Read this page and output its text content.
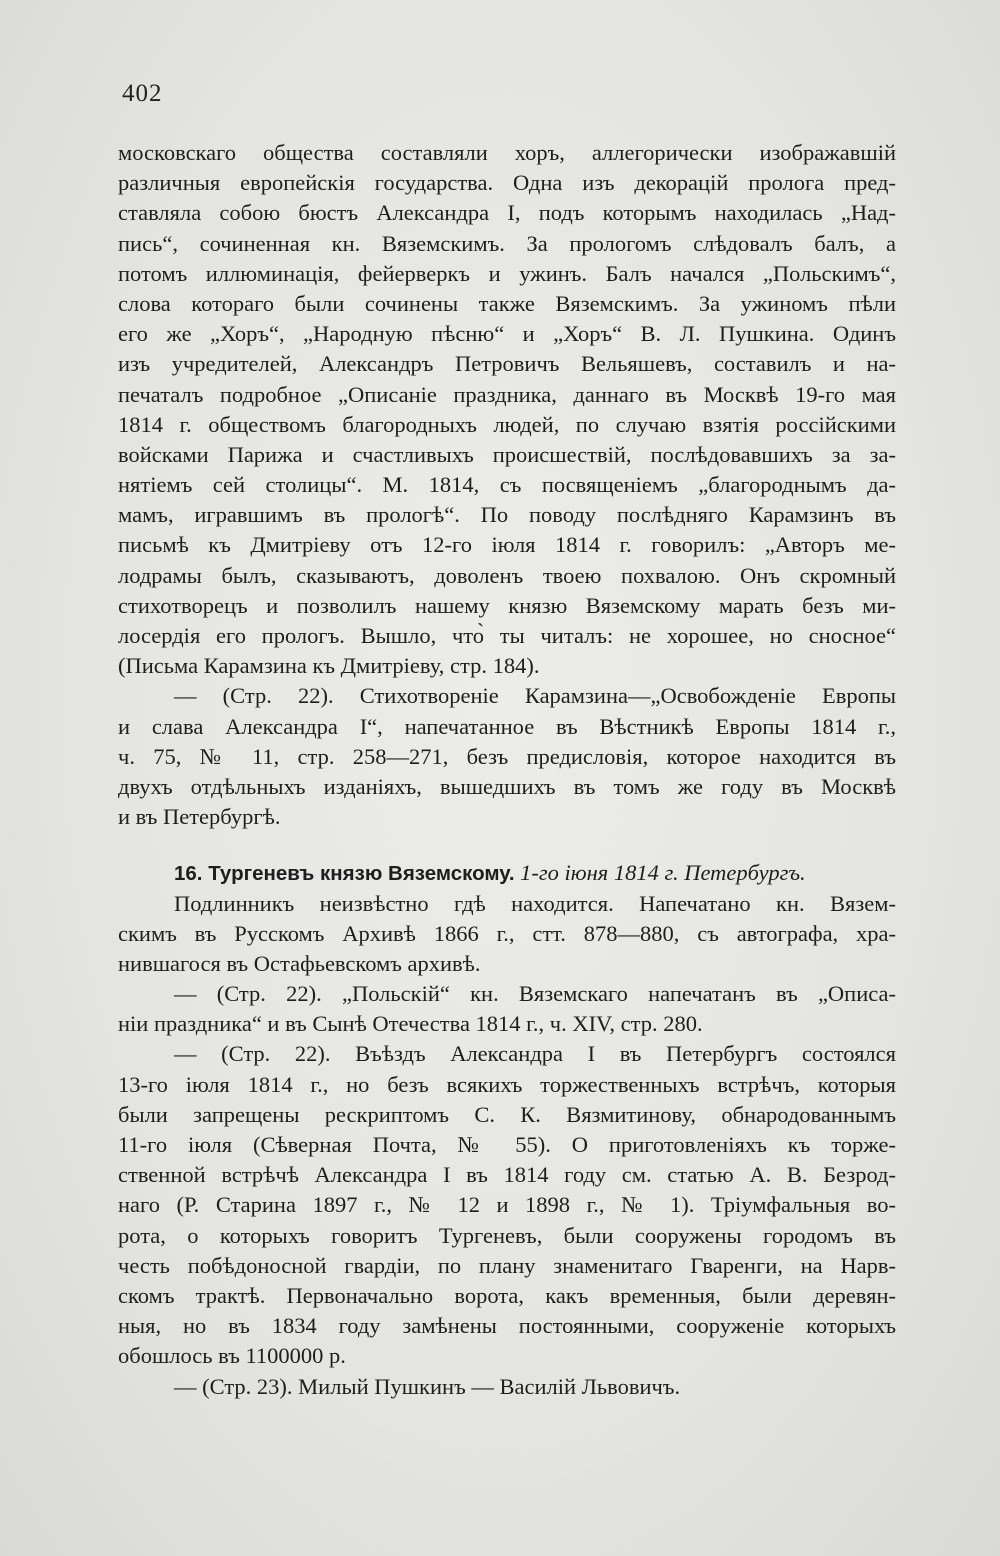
402
московскаго общества составляли хоръ, аллегорически изображавшій
различныя европейскія государства. Одна изъ декорацій пролога пред-
ставляла собою бюстъ Александра I, подъ которымъ находилась „Над-
пись“, сочиненная кн. Вяземскимъ. За прологомъ слѣдовалъ балъ, а
потомъ иллюминація, фейерверкъ и ужинъ. Балъ начался „Польскимъ“,
слова котораго были сочинены также Вяземскимъ. За ужиномъ пѣли
его же „Хоръ“, „Народную пѣсню“ и „Хоръ“ В. Л. Пушкина. Одинъ
изъ учредителей, Александръ Петровичъ Вельяшевъ, составилъ и на-
печаталъ подробное „Описаніе праздника, даннаго въ Москвѣ 19-го мая
1814 г. обществомъ благородныхъ людей, по случаю взятія россійскими
войсками Парижа и счастливыхъ происшествій, послѣдовавшихъ за за-
нятіемъ сей столицы“. М. 1814, съ посвященіемъ „благороднымъ да-
мамъ, игравшимъ въ прологѣ“. По поводу послѣдняго Карамзинъ въ
письмѣ къ Дмитріеву отъ 12-го іюля 1814 г. говорилъ: „Авторъ ме-
лодрамы былъ, сказываютъ, доволенъ твоею похвалою. Онъ скромный
стихотворецъ и позволилъ нашему князю Вяземскому марать безъ ми-
лосердія его прологъ. Вышло, что̀ ты читалъ: не хорошее, но сносное“
(Письма Карамзина къ Дмитріеву, стр. 184).
— (Стр. 22). Стихотвореніе Карамзина—„Освобожденіе Европы
и слава Александра I“, напечатанное въ Вѣстникѣ Европы 1814 г.,
ч. 75, № 11, стр. 258—271, безъ предисловія, которое находится въ
двухъ отдѣльныхъ изданіяхъ, вышедшихъ въ томъ же году въ Москвѣ
и въ Петербургѣ.
16. Тургеневъ князю Вяземскому. 1-го іюня 1814 г. Петербургъ.
Подлинникъ неизвѣстно гдѣ находится. Напечатано кн. Вязем-
скимъ въ Русскомъ Архивѣ 1866 г., стт. 878—880, съ автографа, хра-
нившагося въ Остафьевскомъ архивѣ.
— (Стр. 22). „Польскій“ кн. Вяземскаго напечатанъ въ „Описа-
ніи праздника“ и въ Сынѣ Отечества 1814 г., ч. XIV, стр. 280.
— (Стр. 22). Въѣздъ Александра I въ Петербургъ состоялся
13-го іюля 1814 г., но безъ всякихъ торжественныхъ встрѣчъ, которыя
были запрещены рескриптомъ С. К. Вязмитинову, обнародованнымъ
11-го іюля (Сѣверная Почта, № 55). О приготовленіяхъ къ торже-
ственной встрѣчѣ Александра I въ 1814 году см. статью А. В. Безрод-
наго (Р. Старина 1897 г., № 12 и 1898 г., № 1). Тріумфальныя во-
рота, о которыхъ говоритъ Тургеневъ, были сооружены городомъ въ
честь побѣдоносной гвардіи, по плану знаменитаго Гваренги, на Нарв-
скомъ трактѣ. Первоначально ворота, какъ временныя, были деревян-
ныя, но въ 1834 году замѣнены постоянными, сооруженіе которыхъ
обошлось въ 1100000 р.
— (Стр. 23). Милый Пушкинъ — Василій Львовичъ.
